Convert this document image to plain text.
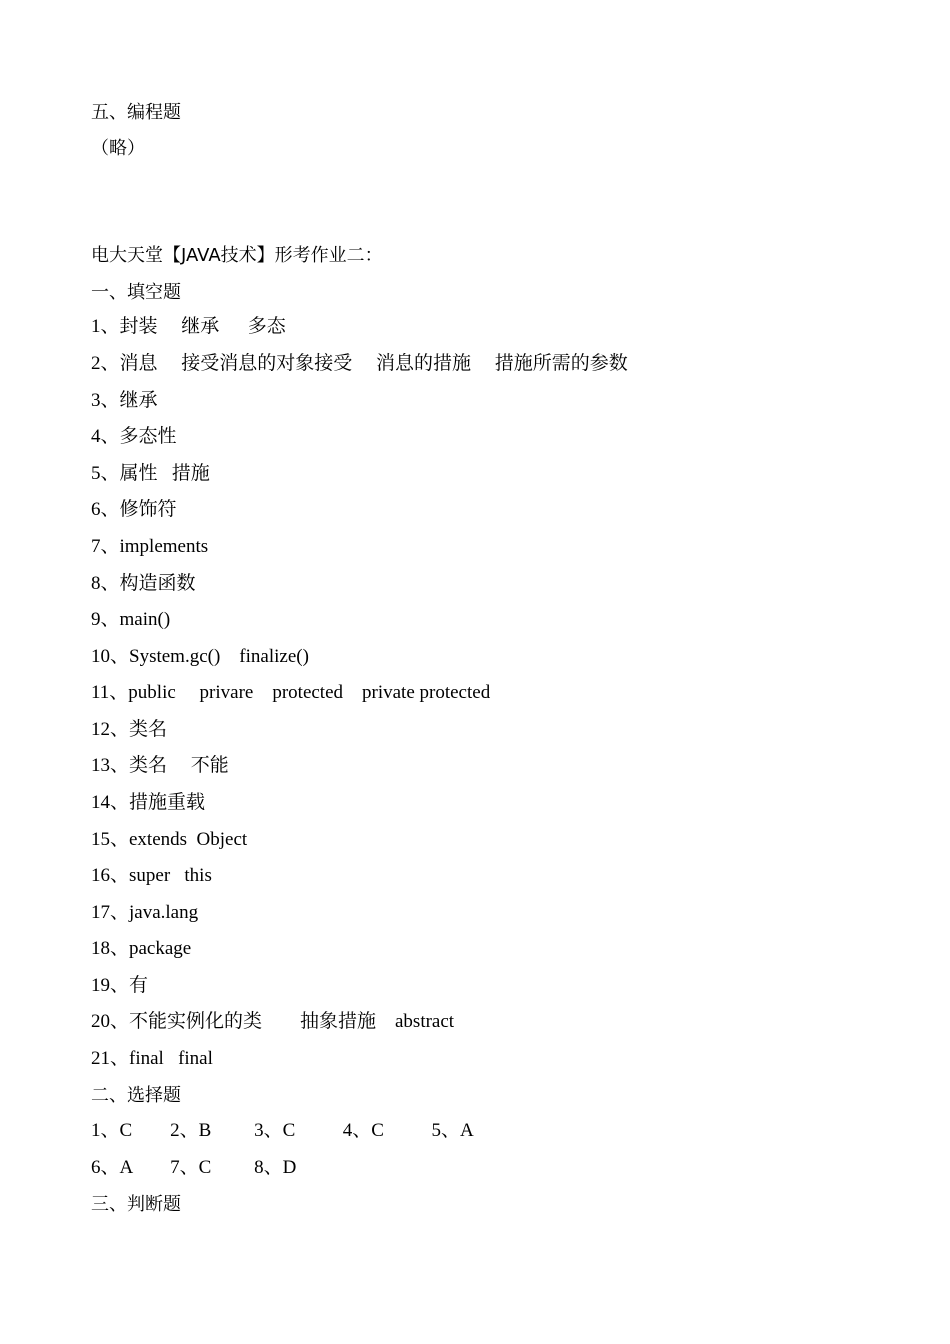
五、编程题
（略）
电大天堂【JAVA技术】形考作业二：
一、填空题
1、封装     继承      多态
2、消息     接受消息的对象接受     消息的措施     措施所需的参数
3、继承
4、多态性
5、属性   措施
6、修饰符
7、implements
8、构造函数
9、main()
10、System.gc()    finalize()
11、public     privare    protected    private protected
12、类名
13、类名     不能
14、措施重载
15、extends  Object
16、super   this
17、java.lang
18、package
19、有
20、不能实例化的类        抽象措施    abstract
21、final   final
二、选择题
1、C        2、B         3、C          4、C          5、A
6、A        7、C         8、D
三、判断题
